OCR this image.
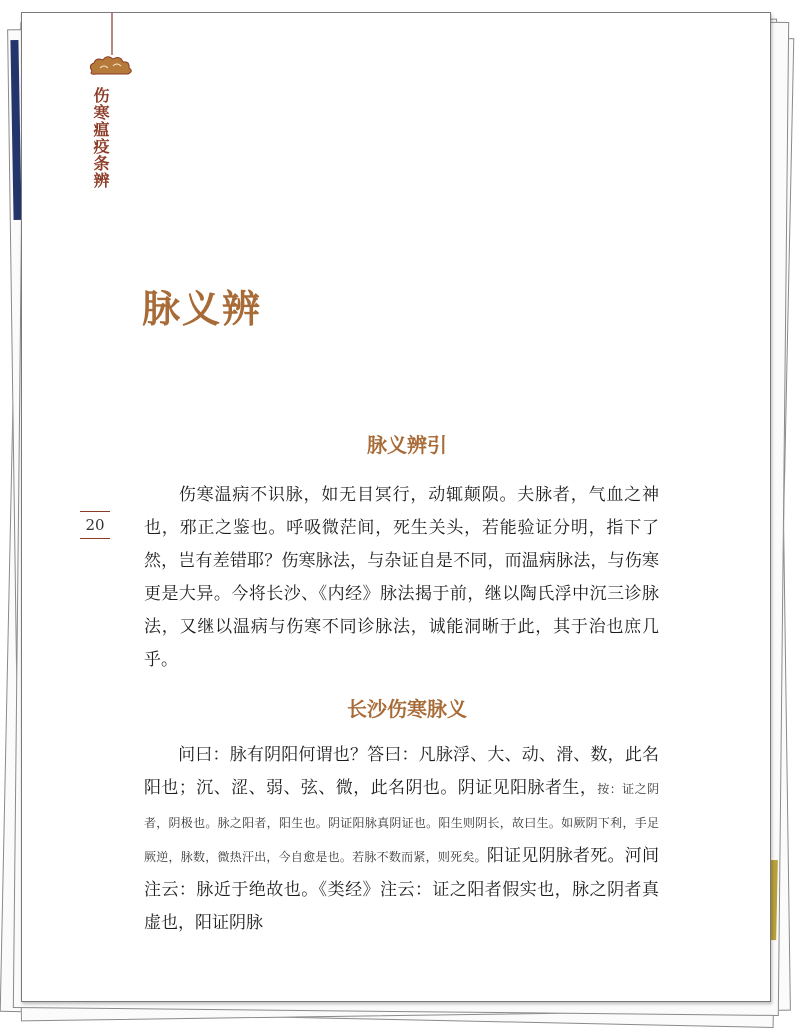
伤寒瘟疫条辨
脉义辨
20
脉义辨引

伤寒温病不识脉，如无目冥行，动辄颠陨。夫脉者，气血之神也，邪正之鉴也。呼吸微茫间，死生关头，若能验证分明，指下了然，岂有差错耶？伤寒脉法，与杂证自是不同，而温病脉法，与伤寒更是大异。今将长沙、《内经》脉法揭于前，继以陶氏浮中沉三诊脉法，又继以温病与伤寒不同诊脉法，诚能洞晰于此，其于治也庶几乎。

长沙伤寒脉义

问曰：脉有阴阳何谓也？答曰：凡脉浮、大、动、滑、数，此名阳也；沉、涩、弱、弦、微，此名阴也。阴证见阳脉者生，按：证之阴者，阴极也。脉之阳者，阳生也。阴证阳脉真阴证也。阳生则阴长，故曰生。如厥阴下利，手足厥逆，脉数，微热汗出，今自愈是也。若脉不数而紧，则死矣。阳证见阴脉者死。河间注云：脉近于绝故也。《类经》注云：证之阳者假实也，脉之阴者真虚也，阳证阴脉
